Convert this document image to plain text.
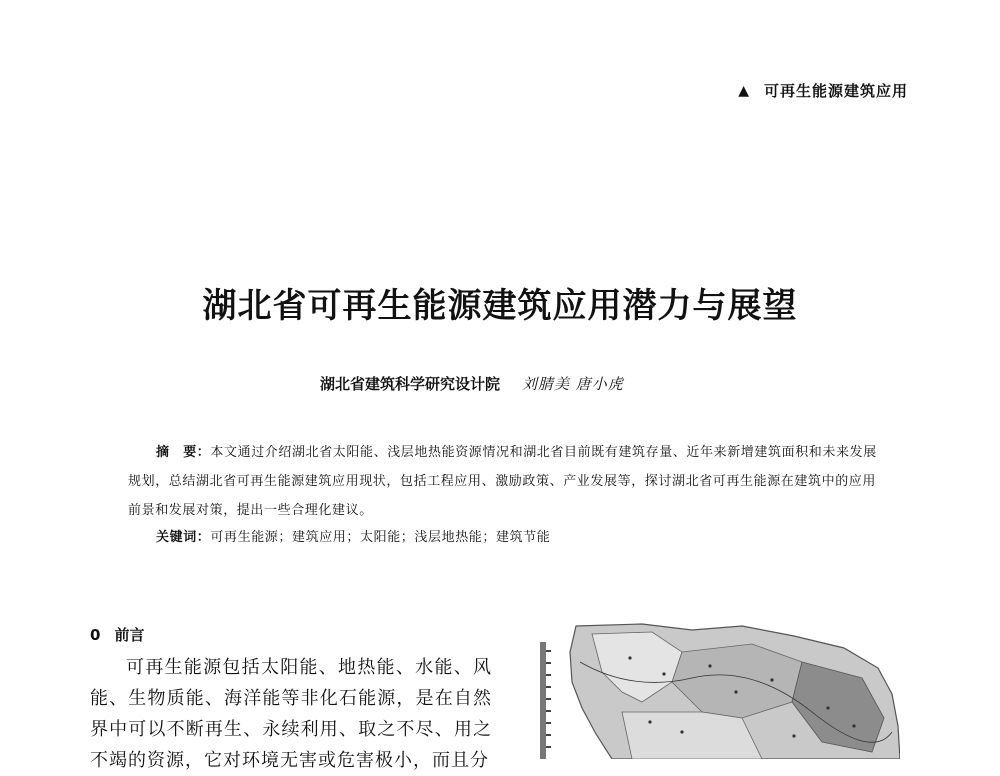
▲ 可再生能源建筑应用
湖北省可再生能源建筑应用潜力与展望
湖北省建筑科学研究设计院 刘腈美 唐小虎
摘　要：本文通过介绍湖北省太阳能、浅层地热能资源情况和湖北省目前既有建筑存量、近年来新增建筑面积和未来发展规划，总结湖北省可再生能源建筑应用现状，包括工程应用、激励政策、产业发展等，探讨湖北省可再生能源在建筑中的应用前景和发展对策，提出一些合理化建议。
关键词：可再生能源；建筑应用；太阳能；浅层地热能；建筑节能
0 前言
可再生能源包括太阳能、地热能、水能、风能、生物质能、海洋能等非化石能源，是在自然界中可以不断再生、永续利用、取之不尽、用之不竭的资源，它对环境无害或危害极小，而且分
